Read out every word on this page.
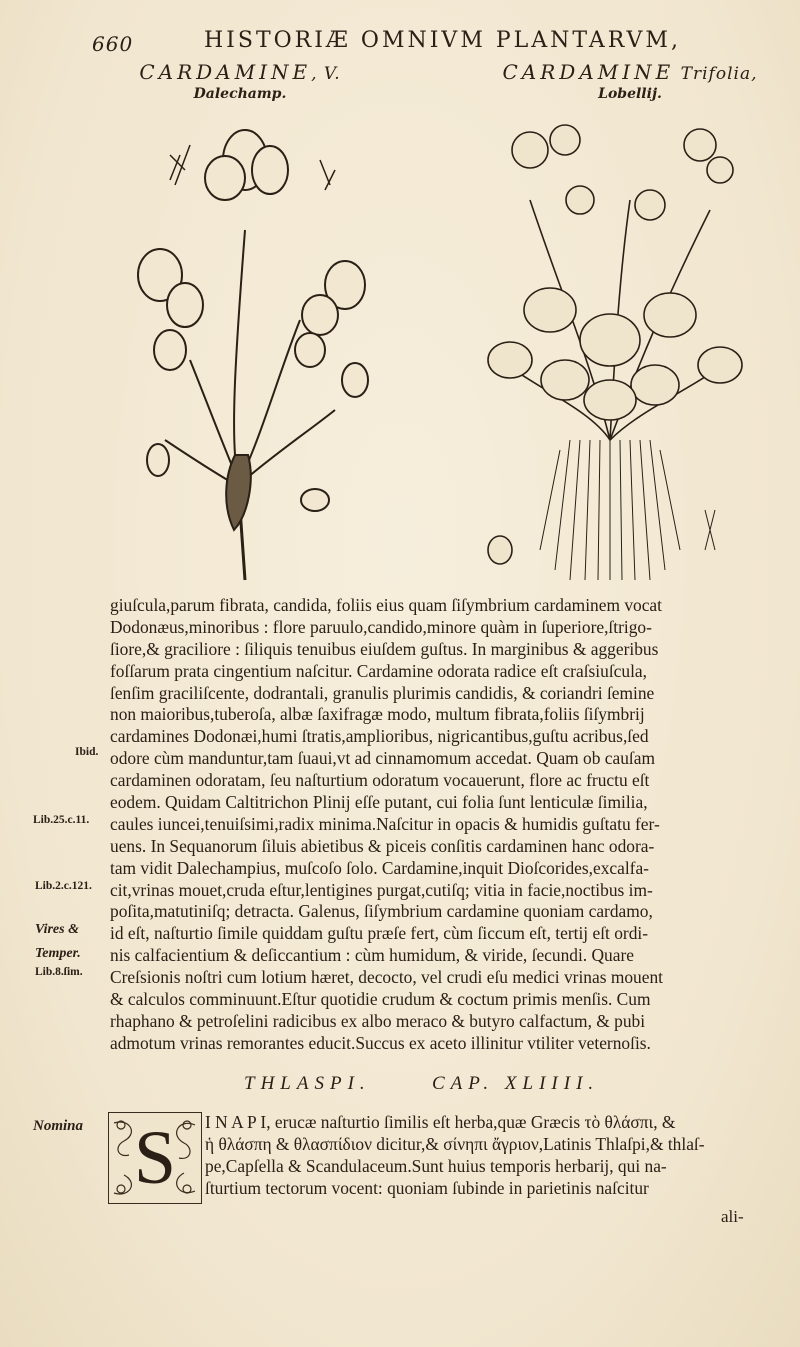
660	HISTORIÆ OMNIVM PLANTARVM,
CARDAMINE, V.
Dalechamp.
CARDAMINE Trifolia,
Lobellij.
Ibid.
Lib.25.c.11.
Lib.2.c.121.
Vires &
Temper.
Lib.8.ſim.
giuſcula,parum fibrata, candida, foliis eius quam ſiſymbrium cardaminem vocat
Dodonæus,minoribus : flore paruulo,candido,minore quàm in ſuperiore,ſtrigo-
ſiore,& graciliore : ſiliquis tenuibus eiuſdem guſtus. In marginibus & aggeribus
foſſarum prata cingentium naſcitur. Cardamine odorata radice eſt craſsiuſcula,
ſenſim graciliſcente, dodrantali, granulis plurimis candidis, & coriandri ſemine
non maioribus,tuberoſa, albæ ſaxifragæ modo, multum fibrata,foliis ſiſymbrij
cardamines Dodonæi,humi ſtratis,amplioribus, nigricantibus,guſtu acribus,ſed
odore cùm manduntur,tam ſuaui,vt ad cinnamomum accedat. Quam ob cauſam
cardaminen odoratam, ſeu naſturtium odoratum vocauerunt, flore ac fructu eſt
eodem. Quidam Caltitrichon Plinij eſſe putant, cui folia ſunt lenticulæ ſimilia,
caules iuncei,tenuiſsimi,radix minima.Naſcitur in opacis & humidis guſtatu fer-
uens. In Sequanorum ſiluis abietibus & piceis conſitis cardaminen hanc odora-
tam vidit Dalechampius, muſcoſo ſolo. Cardamine,inquit Dioſcorides,excalfa-
cit,vrinas mouet,cruda eſtur,lentigines purgat,cutiſq; vitia in facie,noctibus im-
poſita,matutiniſq; detracta. Galenus, ſiſymbrium cardamine quoniam cardamo,
id eſt, naſturtio ſimile quiddam guſtu præſe fert, cùm ſiccum eſt, tertij eſt ordi-
nis calfacientium & deſiccantium : cùm humidum, & viride, ſecundi. Quare
Creſsionis noſtri cum lotium hæret, decocto, vel crudi eſu medici vrinas mouent
& calculos comminuunt.Eſtur quotidie crudum & coctum primis menſis. Cum
rhaphano & petroſelini radicibus ex albo meraco & butyro calfactum, & pubi
admotum vrinas remorantes educit.Succus ex aceto illinitur vtiliter veternoſis.
THLASPI.	CAP. XLIIII.
Nomina S	I N A P I, erucæ naſturtio ſimilis eſt herba,quæ Græcis τὸ θλάσπι, &
ἡ θλάσπη & θλασπίδιον dicitur,& σίνηπι ἄγριον,Latinis Thlaſpi,& thlaſ-
pe,Capſella & Scandulaceum.Sunt huius temporis herbarij, qui na-
ſturtium tectorum vocent: quoniam ſubinde in parietinis naſcitur
ali-
